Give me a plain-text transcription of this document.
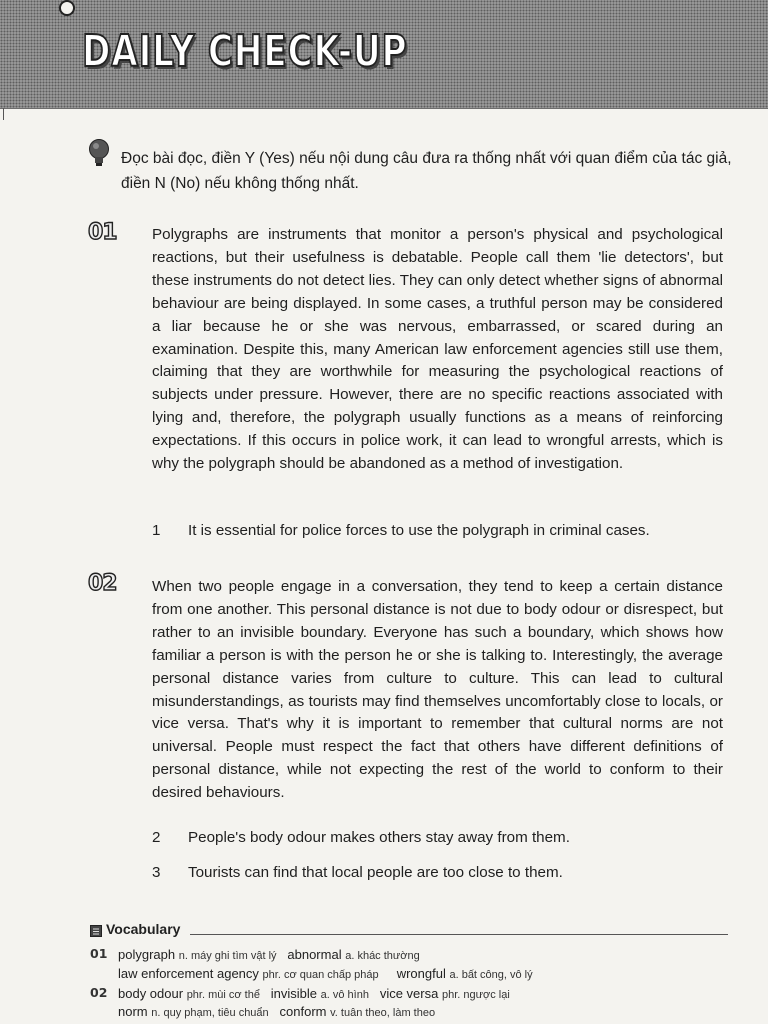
DAILY CHECK-UP
Đọc bài đọc, điền Y (Yes) nếu nội dung câu đưa ra thống nhất với quan điểm của tác giả, điền N (No) nếu không thống nhất.
01 Polygraphs are instruments that monitor a person's physical and psychological reactions, but their usefulness is debatable. People call them 'lie detectors', but these instruments do not detect lies. They can only detect whether signs of abnormal behaviour are being displayed. In some cases, a truthful person may be considered a liar because he or she was nervous, embarrassed, or scared during an examination. Despite this, many American law enforcement agencies still use them, claiming that they are worthwhile for measuring the psychological reactions of subjects under pressure. However, there are no specific reactions associated with lying and, therefore, the polygraph usually functions as a means of reinforcing expectations. If this occurs in police work, it can lead to wrongful arrests, which is why the polygraph should be abandoned as a method of investigation.
1 It is essential for police forces to use the polygraph in criminal cases.
02 When two people engage in a conversation, they tend to keep a certain distance from one another. This personal distance is not due to body odour or disrespect, but rather to an invisible boundary. Everyone has such a boundary, which shows how familiar a person is with the person he or she is talking to. Interestingly, the average personal distance varies from culture to culture. This can lead to cultural misunderstandings, as tourists may find themselves uncomfortably close to locals, or vice versa. That's why it is important to remember that cultural norms are not universal. People must respect the fact that others have different definitions of personal distance, while not expecting the rest of the world to conform to their desired behaviours.
2 People's body odour makes others stay away from them.
3 Tourists can find that local people are too close to them.
Vocabulary
01 polygraph n. máy ghi tìm vật lý abnormal a. khác thường
law enforcement agency phr. cơ quan chấp pháp wrongful a. bất công, vô lý
02 body odour phr. mùi cơ thể invisible a. vô hình vice versa phr. ngược lại
norm n. quy phạm, tiêu chuẩn conform v. tuân theo, làm theo
